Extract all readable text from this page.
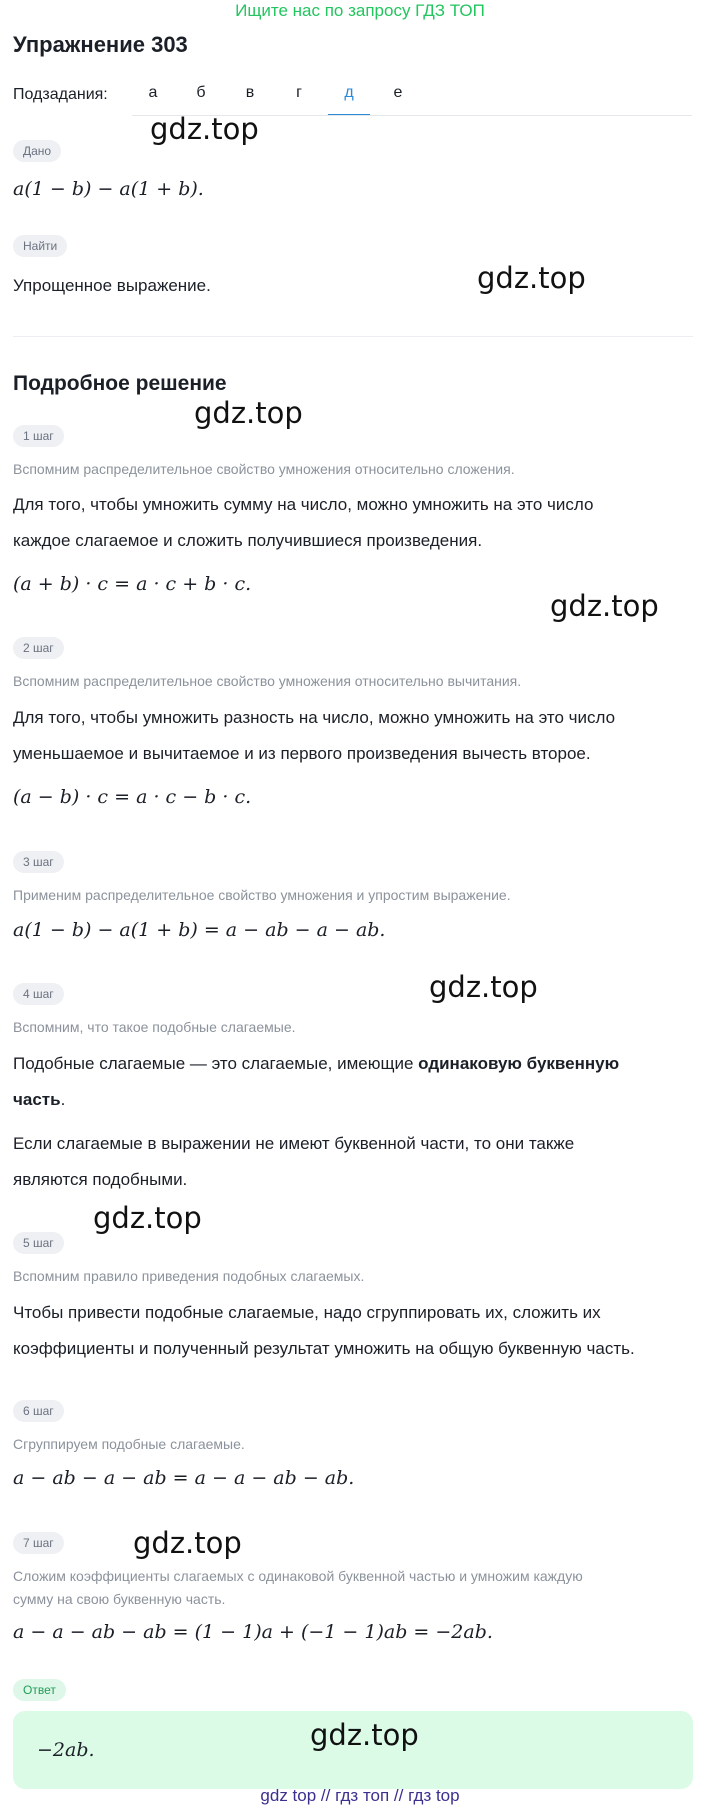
Ищите нас по запросу ГДЗ ТОП
Упражнение 303
Подзадания:	а	б	в	г	д	е
Дано
a(1 − b) − a(1 + b).
Найти
Упрощенное выражение.
Подробное решение
1 шаг
Вспомним распределительное свойство умножения относительно сложения.
Для того, чтобы умножить сумму на число, можно умножить на это число
каждое слагаемое и сложить получившиеся произведения.
(a + b) · c = a · c + b · c.
2 шаг
Вспомним распределительное свойство умножения относительно вычитания.
Для того, чтобы умножить разность на число, можно умножить на это число
уменьшаемое и вычитаемое и из первого произведения вычесть второе.
(a − b) · c = a · c − b · c.
3 шаг
Применим распределительное свойство умножения и упростим выражение.
a(1 − b) − a(1 + b) = a − ab − a − ab.
4 шаг
Вспомним, что такое подобные слагаемые.
Подобные слагаемые — это слагаемые, имеющие одинаковую буквенную
часть.
Если слагаемые в выражении не имеют буквенной части, то они также
являются подобными.
5 шаг
Вспомним правило приведения подобных слагаемых.
Чтобы привести подобные слагаемые, надо сгруппировать их, сложить их
коэффициенты и полученный результат умножить на общую буквенную часть.
6 шаг
Сгруппируем подобные слагаемые.
a − ab − a − ab = a − a − ab − ab.
7 шаг
Сложим коэффициенты слагаемых с одинаковой буквенной частью и умножим каждую
сумму на свою буквенную часть.
a − a − ab − ab = (1 − 1)a + (−1 − 1)ab = −2ab.
Ответ
−2ab.
gdz.top
gdz.top
gdz.top
gdz.top
gdz.top
gdz.top
gdz.top
gdz.top
gdz top // гдз топ // гдз top
